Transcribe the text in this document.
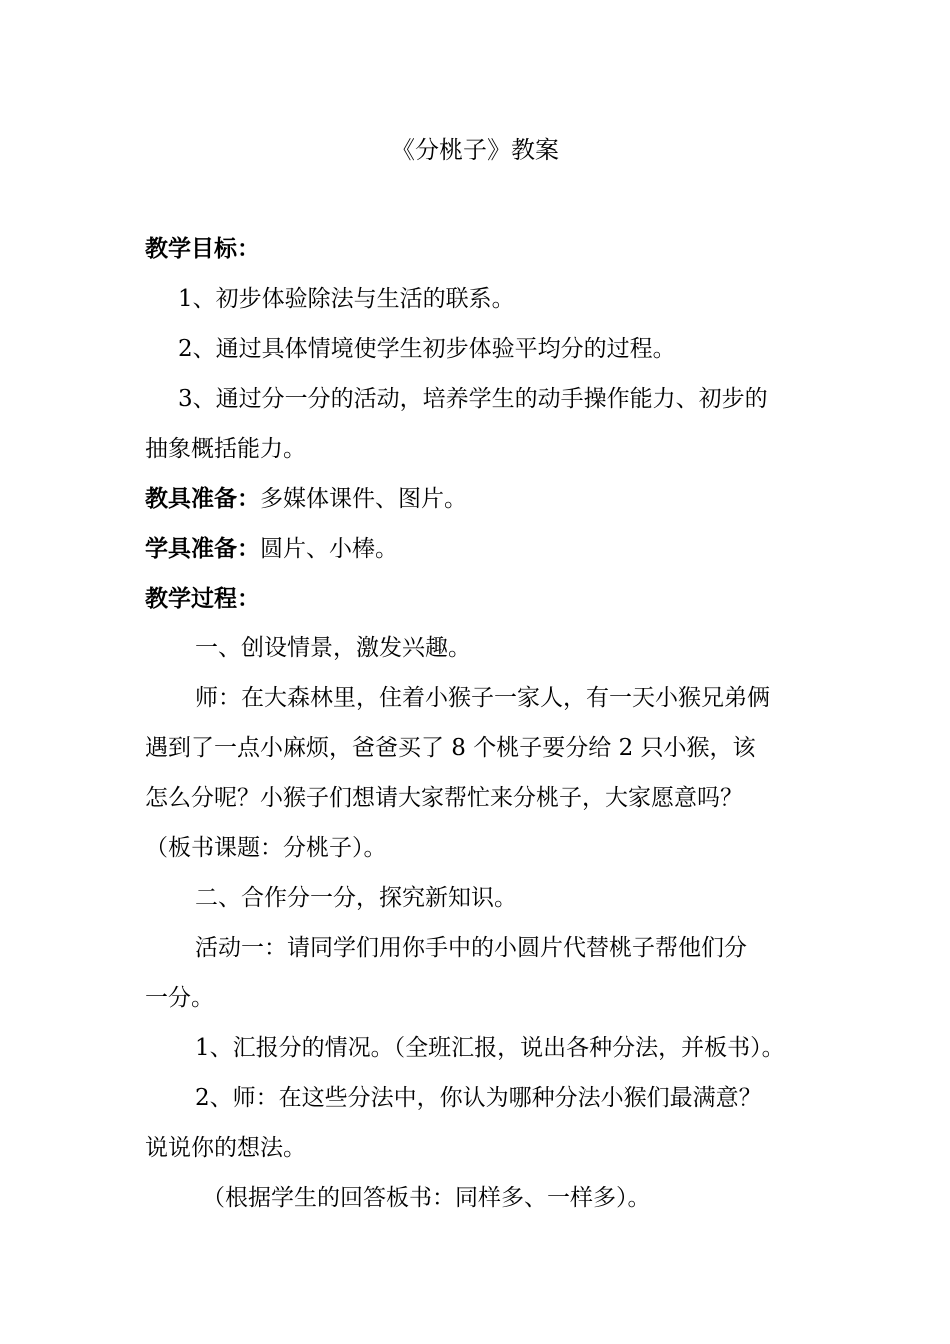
《分桃子》教案
教学目标：
1、初步体验除法与生活的联系。
2、通过具体情境使学生初步体验平均分的过程。
3、通过分一分的活动，培养学生的动手操作能力、初步的
抽象概括能力。
教具准备：多媒体课件、图片。
学具准备：圆片、小棒。
教学过程：
一、创设情景，激发兴趣。
师：在大森林里，住着小猴子一家人，有一天小猴兄弟俩
遇到了一点小麻烦，爸爸买了 8 个桃子要分给 2 只小猴，该
怎么分呢？小猴子们想请大家帮忙来分桃子，大家愿意吗？
（板书课题：分桃子）。
二、合作分一分，探究新知识。
活动一：请同学们用你手中的小圆片代替桃子帮他们分
一分。
1、汇报分的情况。（全班汇报，说出各种分法，并板书）。
2、师：在这些分法中，你认为哪种分法小猴们最满意？
说说你的想法。
（根据学生的回答板书：同样多、一样多）。
